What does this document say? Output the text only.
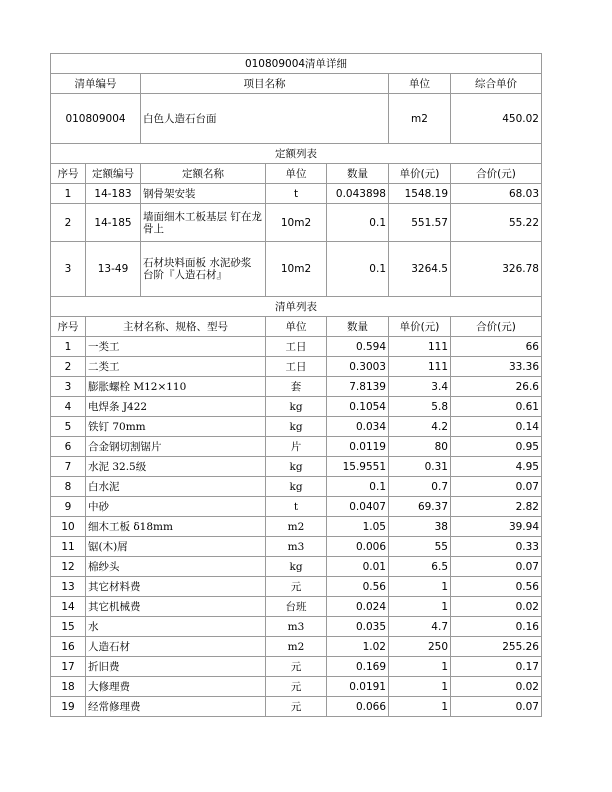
010809004清单详细						
清单编号		项目名称			单位	综合单价
010809004		白色人造石台面			m2	450.02
定额列表						
序号	定额编号	定额名称	单位	数量	单价(元)	合价(元)
1	14-183	钢骨架安装	t	0.043898	1548.19	68.03
2	14-185	墙面细木工板基层 钉在龙骨上	10m2	0.1	551.57	55.22
3	13-49	石材块料面板 水泥砂浆 台阶『人造石材』	10m2	0.1	3264.5	326.78
清单列表						
序号	主材名称、规格、型号		单位	数量	单价(元)	合价(元)
1	一类工		工日	0.594	111	66
2	二类工		工日	0.3003	111	33.36
3	膨胀螺栓 M12×110		套	7.8139	3.4	26.6
4	电焊条 J422		kg	0.1054	5.8	0.61
5	铁钉 70mm		kg	0.034	4.2	0.14
6	合金钢切割锯片		片	0.0119	80	0.95
7	水泥 32.5级		kg	15.9551	0.31	4.95
8	白水泥		kg	0.1	0.7	0.07
9	中砂		t	0.0407	69.37	2.82
10	细木工板 δ18mm		m2	1.05	38	39.94
11	锯(木)屑		m3	0.006	55	0.33
12	棉纱头		kg	0.01	6.5	0.07
13	其它材料费		元	0.56	1	0.56
14	其它机械费		台班	0.024	1	0.02
15	水		m3	0.035	4.7	0.16
16	人造石材		m2	1.02	250	255.26
17	折旧费		元	0.169	1	0.17
18	大修理费		元	0.0191	1	0.02
19	经常修理费		元	0.066	1	0.07
